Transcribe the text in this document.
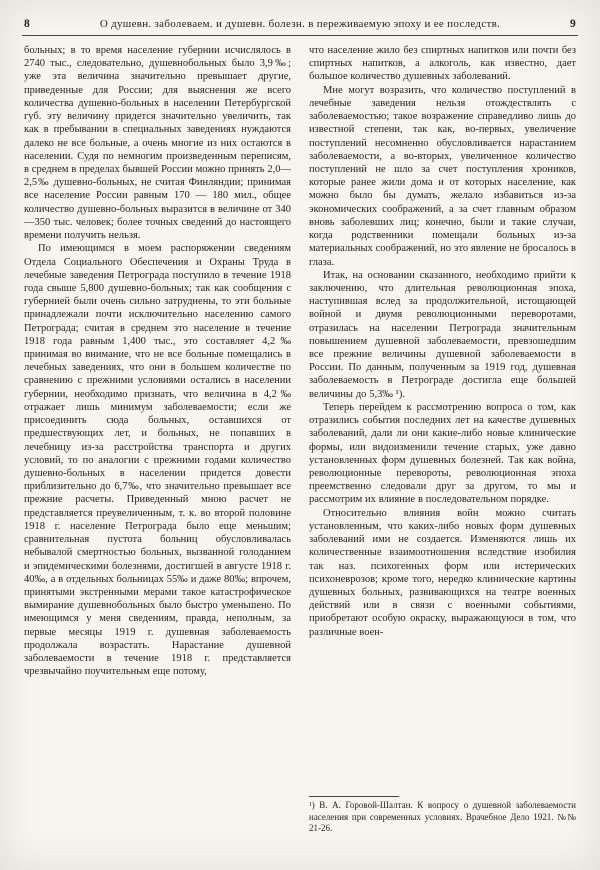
8	О душевн. заболеваем. и душевн. болезн. в переживаемую эпоху и ее последств.	9

больных; в то время население губернии исчислялось в 2740 тыс., следовательно, душевнобольных было 3,9‰; уже эта величина значительно превышает другие, приведенные для России; для выяснения же всего количества душевно-больных в населении Петербургской губ. эту величину придется значительно увеличить, так как в пребывании в специальных заведениях нуждаются далеко не все больные, а очень многие из них остаются в населении. Судя по немногим произведенным переписям, в среднем в пределах бывшей России можно принять 2,0—2,5‰ душевно-больных, не считая Финляндии; принимая все население России равным 170 — 180 мил., общее количество душевно-больных выразится в величине от 340—350 тыс. человек; более точных сведений до настоящего времени получить нельзя.

По имеющимся в моем распоряжении сведениям Отдела Социального Обеспечения и Охраны Труда в лечебные заведения Петрограда поступило в течение 1918 года свыше 5,800 душевно-больных; так как сообщения с губернией были очень сильно затруднены, то эти больные принадлежали почти исключительно населению самого Петрограда; считая в среднем это население в течение 1918 года равным 1,400 тыс., это составляет 4,2‰ принимая во внимание, что не все больные помещались в лечебных заведениях, что они в большем количестве по сравнению с прежними условиями остались в населении губернии, необходимо признать, что величина в 4,2‰ отражает лишь минимум заболеваемости; если же присоединить сюда больных, оставшихся от предшествующих лет, и больных, не попавших в лечебницу из-за расстройства транспорта и других условий, то по аналогии с прежними годами количество душевно-больных в населении придется довести приблизительно до 6,7‰, что значительно превышает все прежние расчеты. Приведенный мною расчет не представляется преувеличенным, т. к. во второй половине 1918 г. население Петрограда было еще меньшим; сравнительная пустота больниц обусловливалась небывалой смертностью больных, вызванной голоданием и эпидемическими болезнями, достигшей в августе 1918 г. 40‰, а в отдельных больницах 55‰ и даже 80‰; впрочем, принятыми экстренными мерами такое катастрофическое вымирание душевнобольных было быстро уменьшено. По имеющимся у меня сведениям, правда, неполным, за первые месяцы 1919 г. душевная заболеваемость продолжала возрастать. Нарастание душевной заболеваемости в течение 1918 г. представляется чрезвычайно поучительным еще потому,

что население жило без спиртных напитков или почти без спиртных напитков, а алкоголь, как известно, дает большое количество душевных заболеваний.

Мне могут возразить, что количество поступлений в лечебные заведения нельзя отождествлять с заболеваемостью; такое возражение справедливо лишь до известной степени, так как, во-первых, увеличение поступлений несомненно обусловливается нарастанием заболеваемости, а во-вторых, увеличенное количество поступлений не шло за счет поступления хроников, которые ранее жили дома и от которых население, как можно было бы думать, желало избавиться из-за экономических соображений, а за счет главным образом вновь заболевших лиц; конечно, были и такие случаи, когда родственники помещали больных из-за материальных соображений, но это явление не бросалось в глаза.

Итак, на основании сказанного, необходимо прийти к заключению, что длительная революционная эпоха, наступившая вслед за продолжительной, истощающей войной и двумя революционными переворотами, отразилась на населении Петрограда значительным повышением душевной заболеваемости, превзошедшим все прежние величины душевной заболеваемости в России. По данным, полученным за 1919 год, душевная заболеваемость в Петрограде достигла еще большей величины до 5,3‰ ¹).

Теперь перейдем к рассмотрению вопроса о том, как отразились события последних лет на качестве душевных заболеваний, дали ли они какие-либо новые клинические формы, или видоизменили течение старых, уже давно установленных форм душевных болезней. Так как война, революционные перевороты, революционная эпоха преемственно следовали друг за другом, то мы и рассмотрим их влияние в последовательном порядке.

Относительно влияния войн можно считать установленным, что каких-либо новых форм душевных заболеваний ими не создается. Изменяются лишь их количественные взаимоотношения вследствие изобилия так наз. психогенных форм или истерических психоневрозов; кроме того, нередко клинические картины душевных больных, развивающихся на театре военных действий или в связи с военными событиями, приобретают особую окраску, выражающуюся в том, что различные воен-

¹) В. А. Горовой-Шалтан. К вопросу о душевной заболеваемости населения при современных условиях. Врачебное Дело 1921. №№ 21-26.
